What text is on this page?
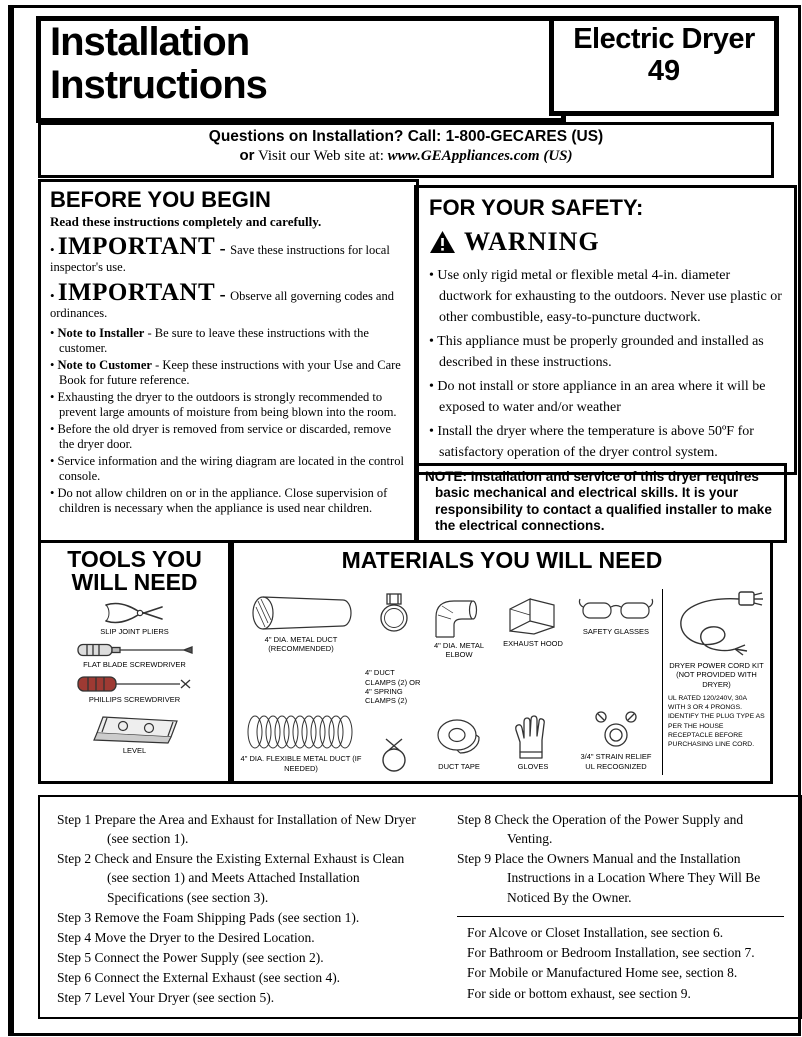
Installation
Instructions
Electric Dryer
49
Questions on Installation? Call: 1-800-GECARES (US)
or Visit our Web site at: www.GEAppliances.com (US)
BEFORE YOU BEGIN
Read these instructions completely and carefully.
• IMPORTANT - Save these instructions for local inspector's use.
• IMPORTANT - Observe all governing codes and ordinances.
• Note to Installer - Be sure to leave these instructions with the customer.
• Note to Customer - Keep these instructions with your Use and Care Book for future reference.
• Exhausting the dryer to the outdoors is strongly recommended to prevent large amounts of moisture from being blown into the room.
• Before the old dryer is removed from service or discarded, remove the dryer door.
• Service information and the wiring diagram are located in the control console.
• Do not allow children on or in the appliance. Close supervision of children is necessary when the appliance is used near children.
FOR YOUR SAFETY:
WARNING
• Use only rigid metal or flexible metal 4-in. diameter ductwork for exhausting to the outdoors. Never use plastic or other combustible, easy-to-puncture ductwork.
• This appliance must be properly grounded and installed as described in these instructions.
• Do not install or store appliance in an area where it will be exposed to water and/or weather
• Install the dryer where the temperature is above 50ºF for satisfactory operation of the dryer control system.
NOTE: Installation and service of this dryer requires basic mechanical and electrical skills. It is your responsibility to contact a qualified installer to make the electrical connections.
TOOLS YOU
WILL NEED
SLIP JOINT PLIERS
FLAT BLADE SCREWDRIVER
PHILLIPS SCREWDRIVER
LEVEL
MATERIALS YOU WILL NEED
4" DIA. METAL DUCT (RECOMMENDED)
4" DIA. FLEXIBLE METAL DUCT (IF NEEDED)
4" DUCT CLAMPS (2) OR 4" SPRING CLAMPS (2)
4" DIA. METAL ELBOW
DUCT TAPE
EXHAUST HOOD
GLOVES
SAFETY GLASSES
3/4" STRAIN RELIEF UL RECOGNIZED
DRYER POWER CORD KIT (NOT PROVIDED WITH DRYER)
UL RATED 120/240V, 30A WITH 3 OR 4 PRONGS. IDENTIFY THE PLUG TYPE AS PER THE HOUSE RECEPTACLE BEFORE PURCHASING LINE CORD.
Step 1 Prepare the Area and Exhaust for Installation of New Dryer (see section 1).
Step 2 Check and Ensure the Existing External Exhaust is Clean (see section 1) and Meets Attached Installation Specifications (see section 3).
Step 3 Remove the Foam Shipping Pads (see section 1).
Step 4 Move the Dryer to the Desired Location.
Step 5 Connect the Power Supply (see section 2).
Step 6 Connect the External Exhaust (see section 4).
Step 7 Level Your Dryer (see section 5).
Step 8 Check the Operation of the Power Supply and Venting.
Step 9 Place the Owners Manual and the Installation Instructions in a Location Where They Will Be Noticed By the Owner.
For Alcove or Closet Installation, see section 6.
For Bathroom or Bedroom Installation, see section 7.
For Mobile or Manufactured Home see, section 8.
For side or bottom exhaust, see section 9.
